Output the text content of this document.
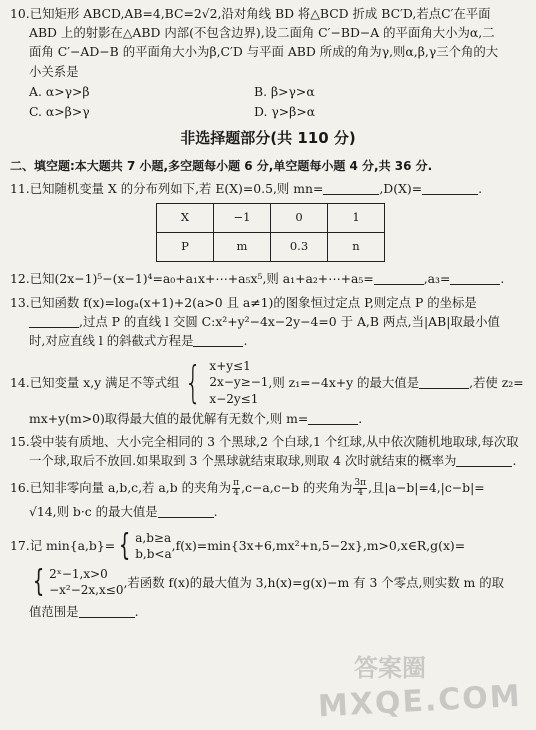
10.已知矩形 ABCD,AB=4,BC=2√2,沿对角线 BD 将△BCD 折成 BC′D,若点C′在平面
ABD 上的射影在△ABD 内部(不包含边界),设二面角 C′−BD−A 的平面角大小为α,二
面角 C′−AD−B 的平面角大小为β,C′D 与平面 ABD 所成的角为γ,则α,β,γ三个角的大
小关系是
A. α>γ>β	B. β>γ>α
C. α>β>γ	D. γ>β>α
非选择题部分(共 110 分)
二、填空题:本大题共 7 小题,多空题每小题 6 分,单空题每小题 4 分,共 36 分.
11.已知随机变量 X 的分布列如下,若 E(X)=0.5,则 mn=	,D(X)=	.
X	−1	0	1
P	m	0.3	n
12.已知(2x−1)⁵−(x−1)⁴=a₀+a₁x+⋯+a₅x⁵,则 a₁+a₂+⋯+a₅=	,a₃=	.
13.已知函数 f(x)=logₐ(x+1)+2(a>0 且 a≠1)的图象恒过定点 P,则定点 P 的坐标是
,过点 P 的直线 l 交圆 C:x²+y²−4x−2y−4=0 于 A,B 两点,当|AB|取最小值
时,对应直线 l 的斜截式方程是	.
14.已知变量 x,y 满足不等式组 { x+y≤1
2x−y≥−1
x−2y≤1
,则 z₁=−4x+y 的最大值是	,若使 z₂=
mx+y(m>0)取得最大值的最优解有无数个,则 m=	.
15.袋中装有质地、大小完全相同的 3 个黑球,2 个白球,1 个红球,从中依次随机地取球,每次取
一个球,取后不放回.如果取到 3 个黑球就结束取球,则取 4 次时就结束的概率为	.
16.已知非零向量 a,b,c,若 a,b 的夹角为 $\frac{\pi}{4} ,c-a,c-b$ 的夹角为 $\frac{3\pi}{4}$ ,且|a−b|=4,|c−b|=
√14,则 b·c 的最大值是	.
17.记 min{a,b}= { a,b≥a
b,b<a
,f(x)=min{3x+6,mx²+n,5−2x},m>0,x∈R,g(x)=
{ 2ˣ−1,x>0
−x²−2x,x≤0
,若函数 f(x)的最大值为 3,h(x)=g(x)−m 有 3 个零点,则实数 m 的取
值范围是	.
答案圈
MXQE.COM
